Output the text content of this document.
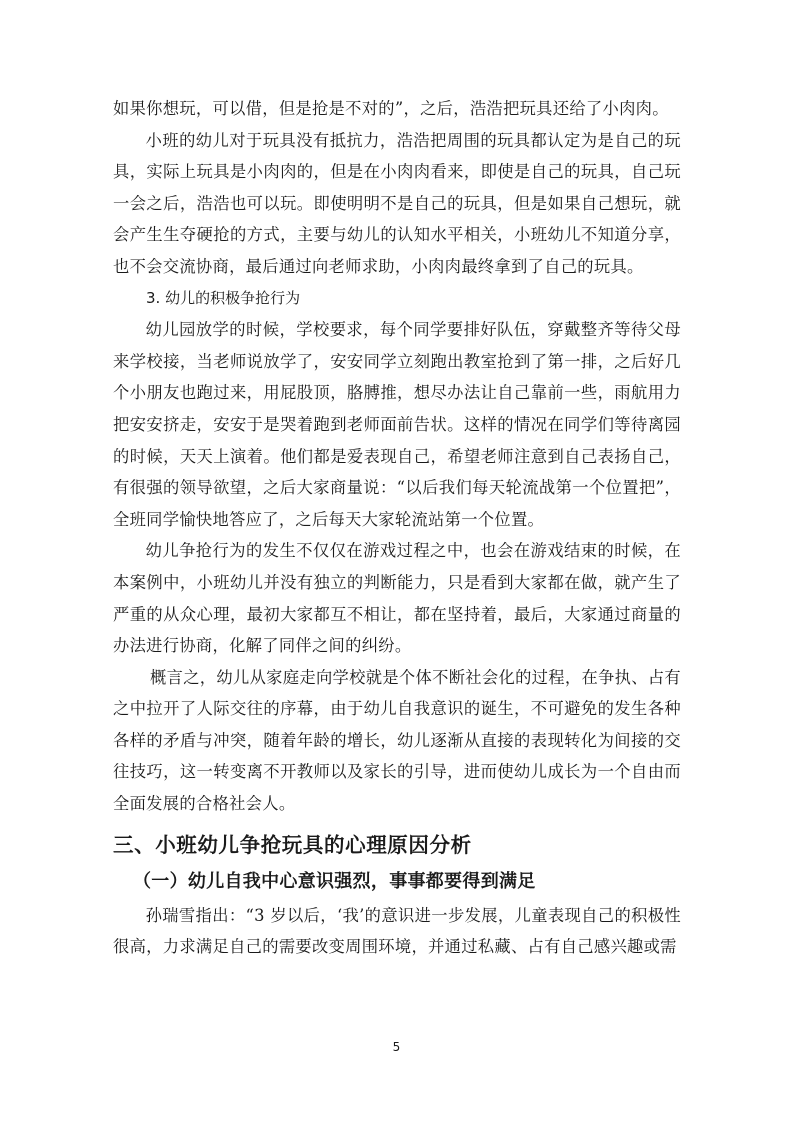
如果你想玩，可以借，但是抢是不对的”，之后，浩浩把玩具还给了小肉肉。

小班的幼儿对于玩具没有抵抗力，浩浩把周围的玩具都认定为是自己的玩具，实际上玩具是小肉肉的，但是在小肉肉看来，即使是自己的玩具，自己玩一会之后，浩浩也可以玩。即使明明不是自己的玩具，但是如果自己想玩，就会产生生夺硬抢的方式，主要与幼儿的认知水平相关，小班幼儿不知道分享，也不会交流协商，最后通过向老师求助，小肉肉最终拿到了自己的玩具。

3. 幼儿的积极争抢行为

幼儿园放学的时候，学校要求，每个同学要排好队伍，穿戴整齐等待父母来学校接，当老师说放学了，安安同学立刻跑出教室抢到了第一排，之后好几个小朋友也跑过来，用屁股顶，胳膊推，想尽办法让自己靠前一些，雨航用力把安安挤走，安安于是哭着跑到老师面前告状。这样的情况在同学们等待离园的时候，天天上演着。他们都是爱表现自己，希望老师注意到自己表扬自己，有很强的领导欲望，之后大家商量说：“以后我们每天轮流战第一个位置把”，全班同学愉快地答应了，之后每天大家轮流站第一个位置。

幼儿争抢行为的发生不仅仅在游戏过程之中，也会在游戏结束的时候，在本案例中，小班幼儿并没有独立的判断能力，只是看到大家都在做，就产生了严重的从众心理，最初大家都互不相让，都在坚持着，最后，大家通过商量的办法进行协商，化解了同伴之间的纠纷。

概言之，幼儿从家庭走向学校就是个体不断社会化的过程，在争执、占有之中拉开了人际交往的序幕，由于幼儿自我意识的诞生，不可避免的发生各种各样的矛盾与冲突，随着年龄的增长，幼儿逐渐从直接的表现转化为间接的交往技巧，这一转变离不开教师以及家长的引导，进而使幼儿成长为一个自由而全面发展的合格社会人。

三、小班幼儿争抢玩具的心理原因分析
（一）幼儿自我中心意识强烈，事事都要得到满足

孙瑞雪指出：“3 岁以后，‘我’的意识进一步发展，儿童表现自己的积极性很高，力求满足自己的需要改变周围环境，并通过私藏、占有自己感兴趣或需

5
